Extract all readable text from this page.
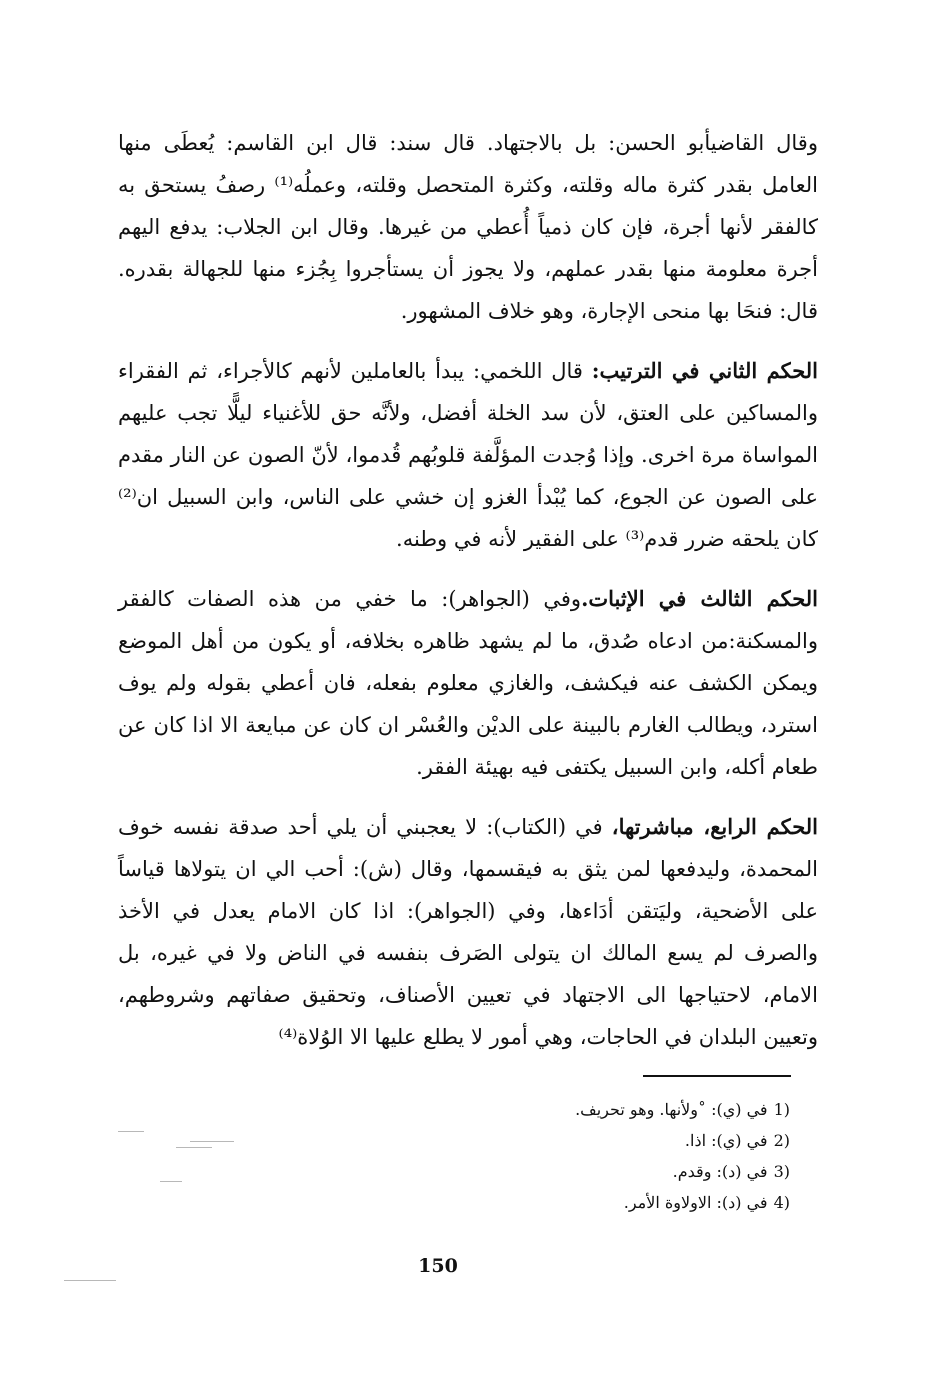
وقال القاضيأبو الحسن: بل بالاجتهاد. قال سند: قال ابن القاسم: يُعطَى منها العامل بقدر كثرة ماله وقلته، وكثرة المتحصل وقلته، وعملُه⁽¹⁾ رصفُ يستحق به كالفقر لأنها أجرة، فإن كان ذمياً أُعطي من غيرها. وقال ابن الجلاب: يدفع اليهم أجرة معلومة منها بقدر عملهم، ولا يجوز أن يستأجروا بِجُزء منها للجهالة بقدره. قال: فنحَا بها منحى الإجارة، وهو خلاف المشهور.

الحكم الثاني في الترتيب: قال اللخمي: يبدأ بالعاملين لأنهم كالأجراء، ثم الفقراء والمساكين على العتق، لأن سد الخلة أفضل، ولأنَّه حق للأغنياء ليلًّا تجب عليهم المواساة مرة اخرى. وإذا وُجدت المؤلَّفة قلوبُهم قُدموا، لأنّ الصون عن النار مقدم على الصون عن الجوع، كما يُبْدأ الغزو إن خشي على الناس، وابن السبيل ان⁽²⁾ كان يلحقه ضرر قدم⁽³⁾ على الفقير لأنه في وطنه.

الحكم الثالث في الإثبات.وفي (الجواهر): ما خفي من هذه الصفات كالفقر والمسكنة:من ادعاه صُدق، ما لم يشهد ظاهره بخلافه، أو يكون من أهل الموضع ويمكن الكشف عنه فيكشف، والغازي معلوم بفعله، فان أعطي بقوله ولم يوف استرد، ويطالب الغارم بالبينة على الديْن والعُسْر ان كان عن مبايعة الا اذا كان عن طعام أكله، وابن السبيل يكتفى فيه بهيئة الفقر.

الحكم الرابع، مباشرتها، في (الكتاب): لا يعجبني أن يلي أحد صدقة نفسه خوف المحمدة، وليدفعها لمن يثق به فيقسمها، وقال (ش): أحب الي ان يتولاها قياساً على الأضحية، وليَتقن أدَاءها، وفي (الجواهر): اذا كان الامام يعدل في الأخذ والصرف لم يسع المالك ان يتولى الصَرف بنفسه في الناض ولا في غيره، بل الامام، لاحتياجها الى الاجتهاد في تعيين الأصناف، وتحقيق صفاتهم وشروطهم، وتعيين البلدان في الحاجات، وهي أمور لا يطلع عليها الا الوُلاة⁽⁴⁾

1)في (ي): ˚ولأنها. وهو تحريف.
2)في (ي): اذا.
3)في (د): وقدم.
4)في (د): الاولاوة الأمر.
150
